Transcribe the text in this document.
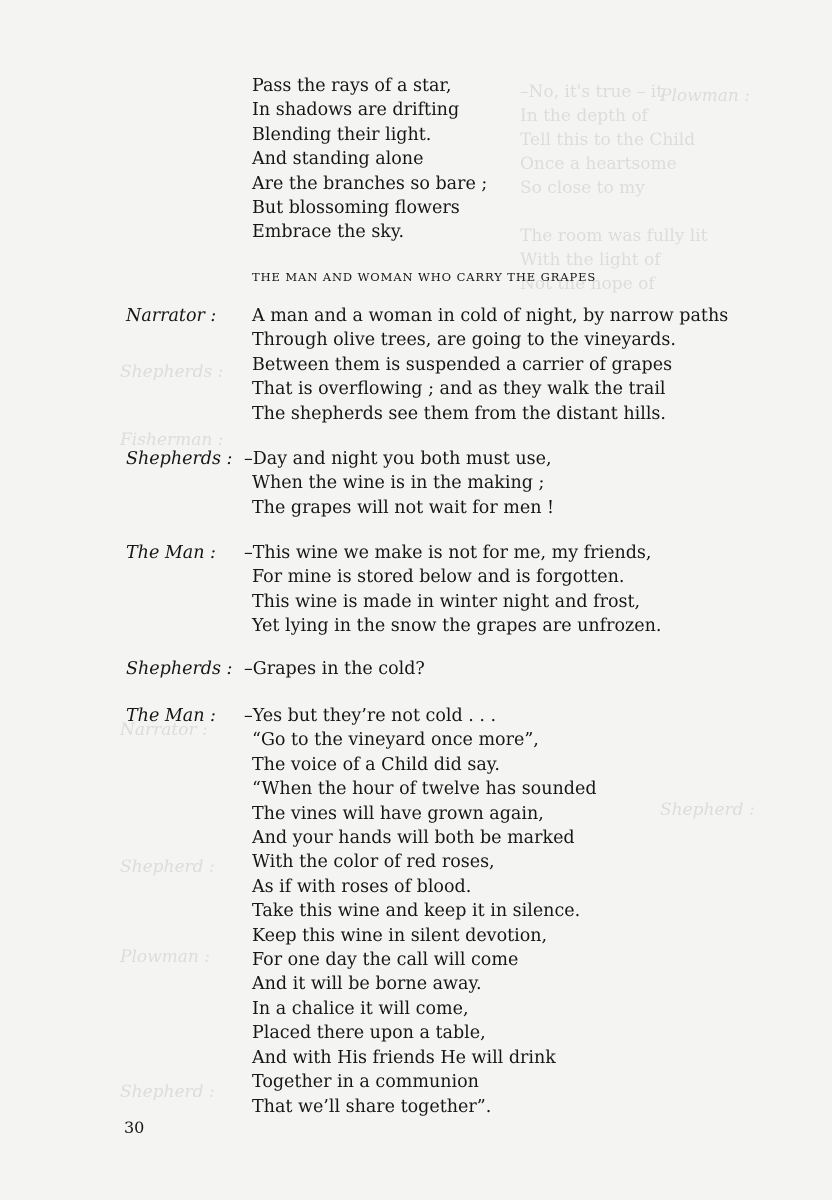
–No, it's true – it
In the depth of
Tell this to the Child
Once a heartsome
So close to my

The room was fully lit
With the light of
Not the hope of
Plowman :
Shepherds :
Fisherman :
Narrator :
Shepherd :
Shepherd :
Plowman :
Shepherd :
Pass the rays of a star,
In shadows are drifting
Blending their light.
And standing alone
Are the branches so bare ;
But blossoming flowers
Embrace the sky.
THE MAN AND WOMAN WHO CARRY THE GRAPES
Narrator : A man and a woman in cold of night, by narrow paths
Through olive trees, are going to the vineyards.
Between them is suspended a carrier of grapes
That is overflowing ; and as they walk the trail
The shepherds see them from the distant hills.
Shepherds : –Day and night you both must use,
When the wine is in the making ;
The grapes will not wait for men !
The Man : –This wine we make is not for me, my friends,
For mine is stored below and is forgotten.
This wine is made in winter night and frost,
Yet lying in the snow the grapes are unfrozen.
Shepherds : –Grapes in the cold?
The Man : –Yes but they’re not cold . . .
“Go to the vineyard once more”,
The voice of a Child did say.
“When the hour of twelve has sounded
The vines will have grown again,
And your hands will both be marked
With the color of red roses,
As if with roses of blood.
Take this wine and keep it in silence.
Keep this wine in silent devotion,
For one day the call will come
And it will be borne away.
In a chalice it will come,
Placed there upon a table,
And with His friends He will drink
Together in a communion
That we’ll share together”.
30
